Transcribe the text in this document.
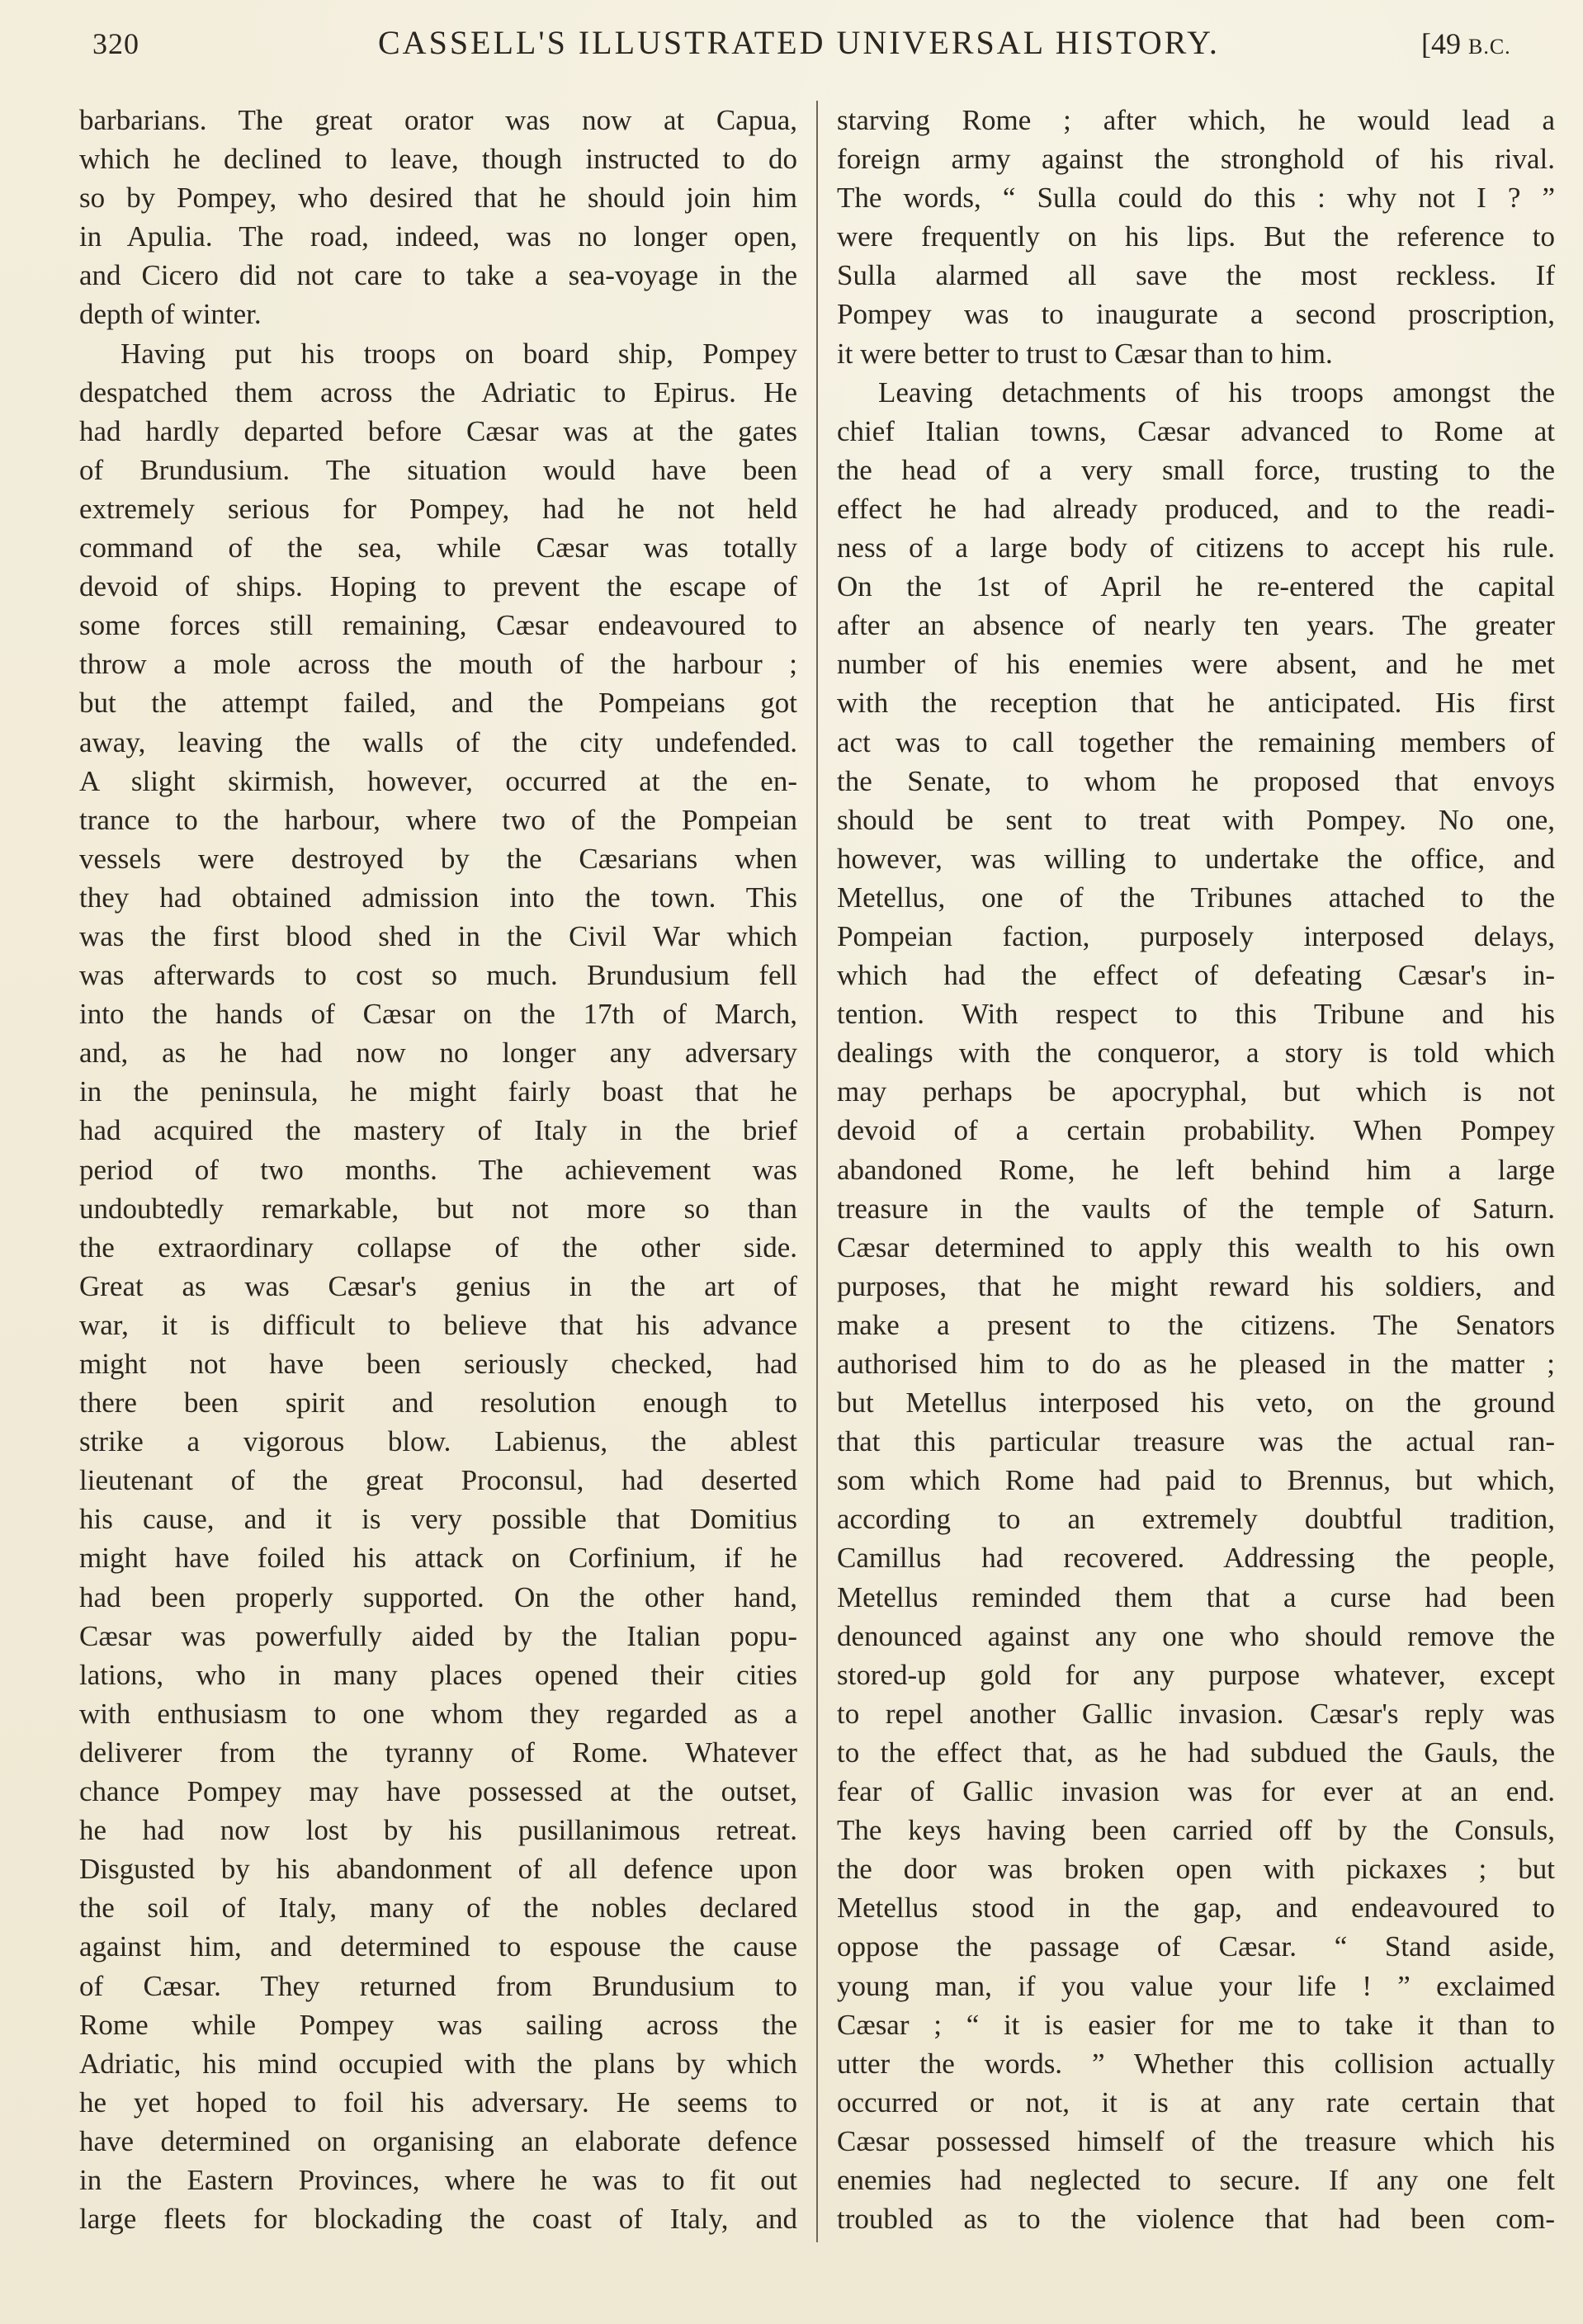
320	CASSELL'S ILLUSTRATED UNIVERSAL HISTORY.	[49 B.C.
barbarians. The great orator was now at Capua,
which he declined to leave, though instructed to do
so by Pompey, who desired that he should join him
in Apulia. The road, indeed, was no longer open,
and Cicero did not care to take a sea-voyage in the
depth of winter.
Having put his troops on board ship, Pompey
despatched them across the Adriatic to Epirus. He
had hardly departed before Cæsar was at the gates
of Brundusium. The situation would have been
extremely serious for Pompey, had he not held
command of the sea, while Cæsar was totally
devoid of ships. Hoping to prevent the escape of
some forces still remaining, Cæsar endeavoured to
throw a mole across the mouth of the harbour ;
but the attempt failed, and the Pompeians got
away, leaving the walls of the city undefended.
A slight skirmish, however, occurred at the en-
trance to the harbour, where two of the Pompeian
vessels were destroyed by the Cæsarians when
they had obtained admission into the town. This
was the first blood shed in the Civil War which
was afterwards to cost so much. Brundusium fell
into the hands of Cæsar on the 17th of March,
and, as he had now no longer any adversary
in the peninsula, he might fairly boast that he
had acquired the mastery of Italy in the brief
period of two months. The achievement was
undoubtedly remarkable, but not more so than
the extraordinary collapse of the other side.
Great as was Cæsar's genius in the art of
war, it is difficult to believe that his advance
might not have been seriously checked, had
there been spirit and resolution enough to
strike a vigorous blow. Labienus, the ablest
lieutenant of the great Proconsul, had deserted
his cause, and it is very possible that Domitius
might have foiled his attack on Corfinium, if he
had been properly supported. On the other hand,
Cæsar was powerfully aided by the Italian popu-
lations, who in many places opened their cities
with enthusiasm to one whom they regarded as a
deliverer from the tyranny of Rome. Whatever
chance Pompey may have possessed at the outset,
he had now lost by his pusillanimous retreat.
Disgusted by his abandonment of all defence upon
the soil of Italy, many of the nobles declared
against him, and determined to espouse the cause
of Cæsar. They returned from Brundusium to
Rome while Pompey was sailing across the
Adriatic, his mind occupied with the plans by which
he yet hoped to foil his adversary. He seems to
have determined on organising an elaborate defence
in the Eastern Provinces, where he was to fit out
large fleets for blockading the coast of Italy, and
starving Rome ; after which, he would lead a
foreign army against the stronghold of his rival.
The words, “ Sulla could do this : why not I ? ”
were frequently on his lips. But the reference to
Sulla alarmed all save the most reckless. If
Pompey was to inaugurate a second proscription,
it were better to trust to Cæsar than to him.
Leaving detachments of his troops amongst the
chief Italian towns, Cæsar advanced to Rome at
the head of a very small force, trusting to the
effect he had already produced, and to the readi-
ness of a large body of citizens to accept his rule.
On the 1st of April he re-entered the capital
after an absence of nearly ten years. The greater
number of his enemies were absent, and he met
with the reception that he anticipated. His first
act was to call together the remaining members of
the Senate, to whom he proposed that envoys
should be sent to treat with Pompey. No one,
however, was willing to undertake the office, and
Metellus, one of the Tribunes attached to the
Pompeian faction, purposely interposed delays,
which had the effect of defeating Cæsar's in-
tention. With respect to this Tribune and his
dealings with the conqueror, a story is told which
may perhaps be apocryphal, but which is not
devoid of a certain probability. When Pompey
abandoned Rome, he left behind him a large
treasure in the vaults of the temple of Saturn.
Cæsar determined to apply this wealth to his own
purposes, that he might reward his soldiers, and
make a present to the citizens. The Senators
authorised him to do as he pleased in the matter ;
but Metellus interposed his veto, on the ground
that this particular treasure was the actual ran-
som which Rome had paid to Brennus, but which,
according to an extremely doubtful tradition,
Camillus had recovered. Addressing the people,
Metellus reminded them that a curse had been
denounced against any one who should remove the
stored-up gold for any purpose whatever, except
to repel another Gallic invasion. Cæsar's reply was
to the effect that, as he had subdued the Gauls, the
fear of Gallic invasion was for ever at an end.
The keys having been carried off by the Consuls,
the door was broken open with pickaxes ; but
Metellus stood in the gap, and endeavoured to
oppose the passage of Cæsar. “ Stand aside,
young man, if you value your life ! ” exclaimed
Cæsar ; “ it is easier for me to take it than to
utter the words. ” Whether this collision actually
occurred or not, it is at any rate certain that
Cæsar possessed himself of the treasure which his
enemies had neglected to secure. If any one felt
troubled as to the violence that had been com-
